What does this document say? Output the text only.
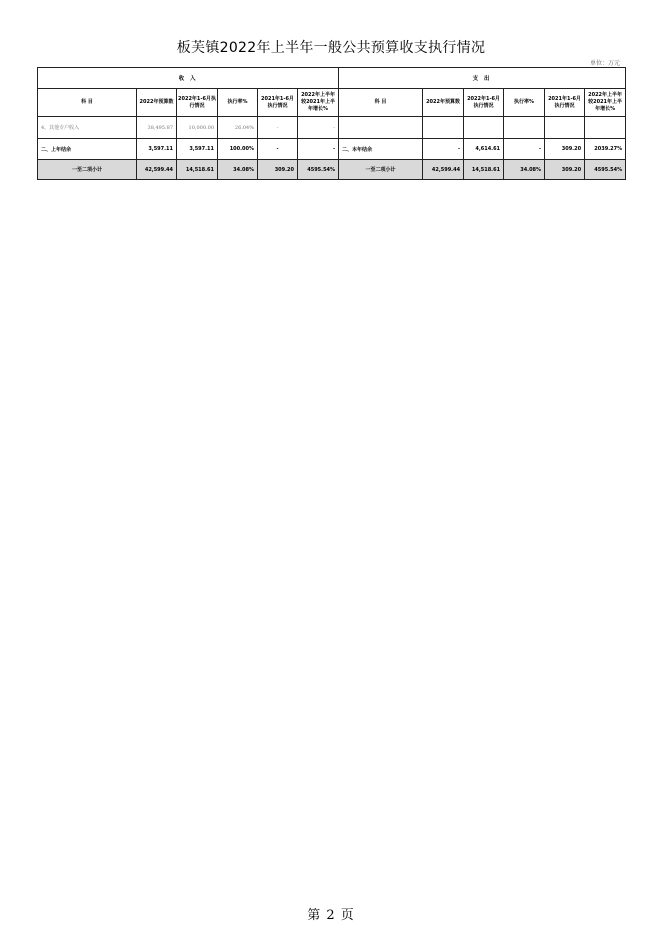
板芙镇2022年上半年一般公共预算收支执行情况
单位：万元
收 入						支 出					
科 目	2022年预算数	2022年1-6月执行情况	执行率%	2021年1-6月执行情况	2022年上半年较2021年上半年增长%	科 目	2022年预算数	2022年1-6月执行情况	执行率%	2021年1-6月执行情况	2022年上半年较2021年上半年增长%
4、其他专户收入	38,495.87	10,000.00	26.04%	-	-						
二、上年结余	3,597.11	3,597.11	100.00%	-	-	二、本年结余	-	4,614.61	-	309.20	2039.27%
一至二项小计	42,599.44	14,518.61	34.08%	309.20	4595.54%	一至二项小计	42,599.44	14,518.61	34.08%	309.20	4595.54%
第 2 页
